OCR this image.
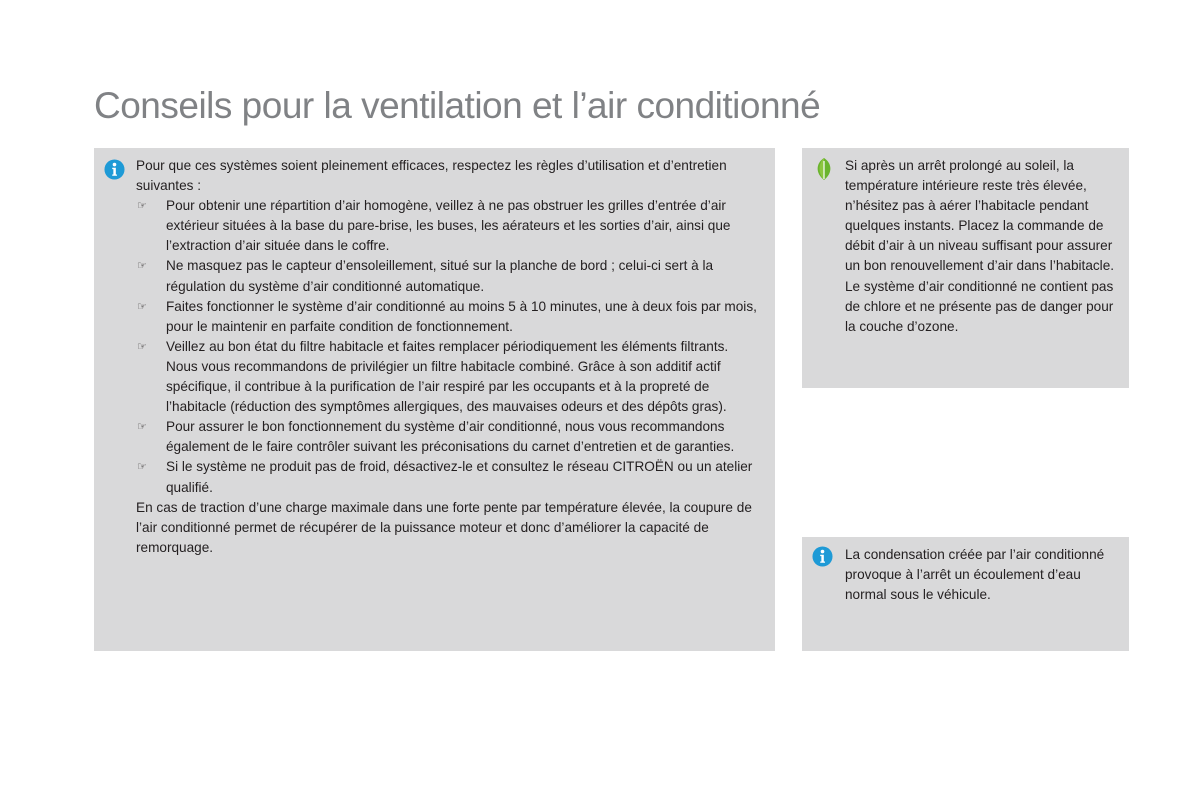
Conseils pour la ventilation et l’air conditionné

Pour que ces systèmes soient pleinement efficaces, respectez les règles d’utilisation et d’entretien suivantes :

☞ Pour obtenir une répartition d’air homogène, veillez à ne pas obstruer les grilles d’entrée d’air extérieur situées à la base du pare-brise, les buses, les aérateurs et les sorties d’air, ainsi que l’extraction d’air située dans le coffre.
☞ Ne masquez pas le capteur d’ensoleillement, situé sur la planche de bord ; celui-ci sert à la régulation du système d’air conditionné automatique.
☞ Faites fonctionner le système d’air conditionné au moins 5 à 10 minutes, une à deux fois par mois, pour le maintenir en parfaite condition de fonctionnement.
☞ Veillez au bon état du filtre habitacle et faites remplacer périodiquement les éléments filtrants.

Nous vous recommandons de privilégier un filtre habitacle combiné. Grâce à son additif actif spécifique, il contribue à la purification de l’air respiré par les occupants et à la propreté de l’habitacle (réduction des symptômes allergiques, des mauvaises odeurs et des dépôts gras).

☞ Pour assurer le bon fonctionnement du système d’air conditionné, nous vous recommandons également de le faire contrôler suivant les préconisations du carnet d’entretien et de garanties.
☞ Si le système ne produit pas de froid, désactivez-le et consultez le réseau CITROËN ou un atelier qualifié.

En cas de traction d’une charge maximale dans une forte pente par température élevée, la coupure de l’air conditionné permet de récupérer de la puissance moteur et donc d’améliorer la capacité de remorquage.

Si après un arrêt prolongé au soleil, la température intérieure reste très élevée, n’hésitez pas à aérer l’habitacle pendant quelques instants. Placez la commande de débit d’air à un niveau suffisant pour assurer un bon renouvellement d’air dans l’habitacle. Le système d’air conditionné ne contient pas de chlore et ne présente pas de danger pour la couche d’ozone.
La condensation créée par l’air conditionné provoque à l’arrêt un écoulement d’eau normal sous le véhicule.
